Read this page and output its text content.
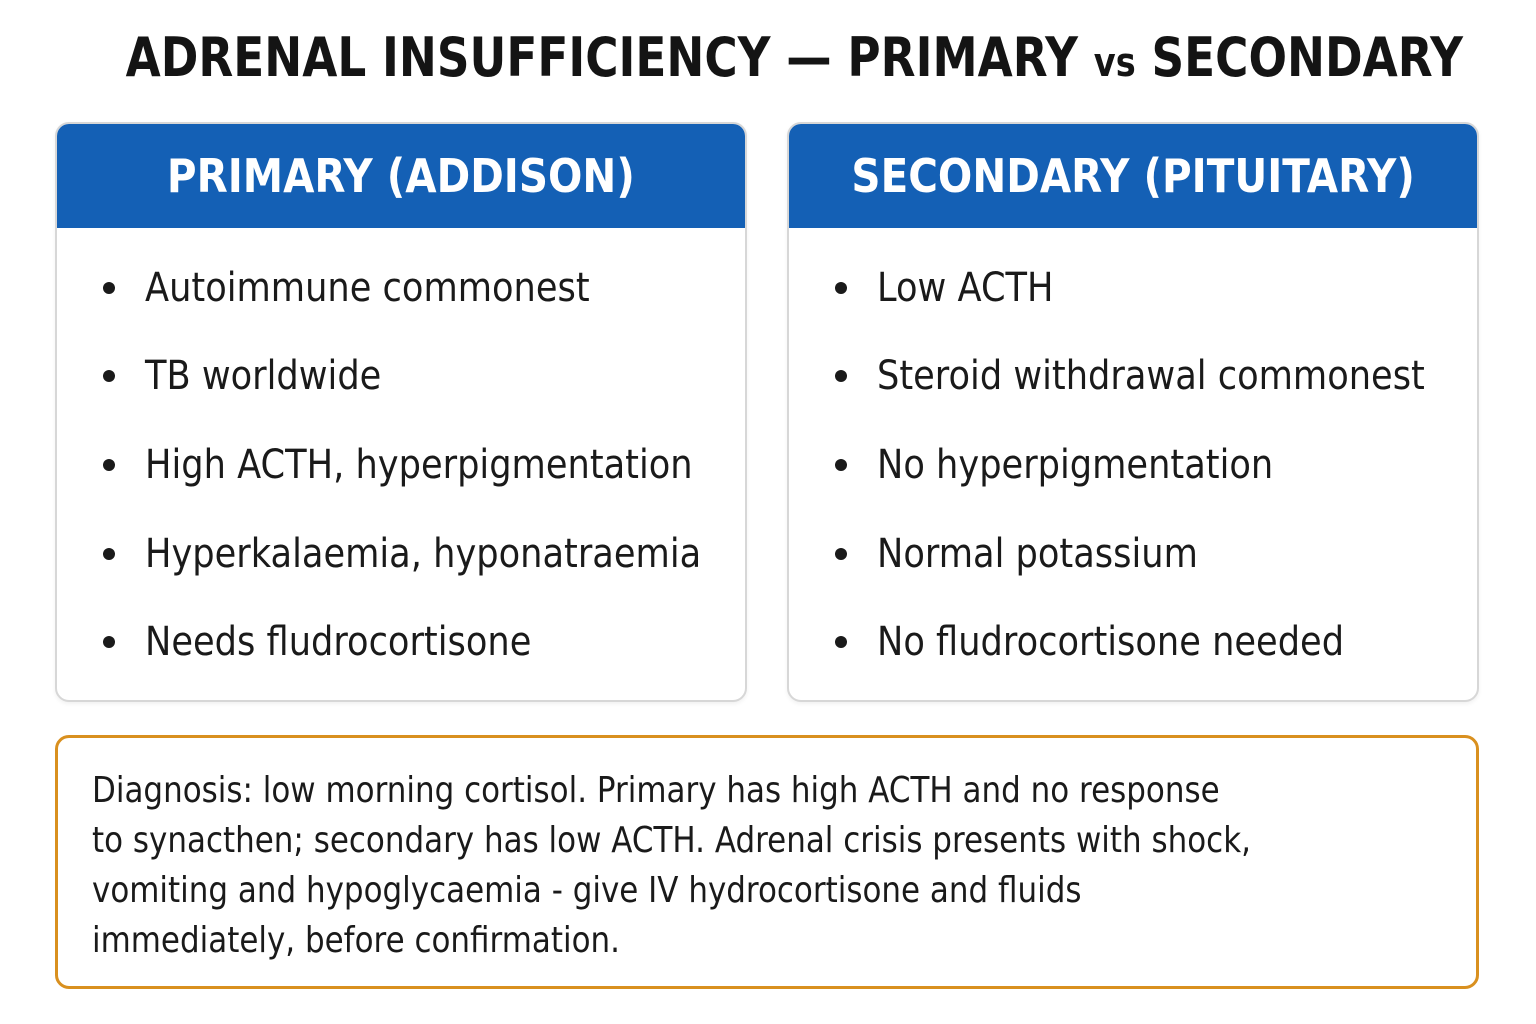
ADRENAL INSUFFICIENCY — PRIMARY vs SECONDARY
PRIMARY (ADDISON)
Autoimmune commonest
TB worldwide
High ACTH, hyperpigmentation
Hyperkalaemia, hyponatraemia
Needs fludrocortisone
SECONDARY (PITUITARY)
Low ACTH
Steroid withdrawal commonest
No hyperpigmentation
Normal potassium
No fludrocortisone needed
Diagnosis: low morning cortisol. Primary has high ACTH and no response
to synacthen; secondary has low ACTH. Adrenal crisis presents with shock,
vomiting and hypoglycaemia - give IV hydrocortisone and fluids
immediately, before confirmation.
